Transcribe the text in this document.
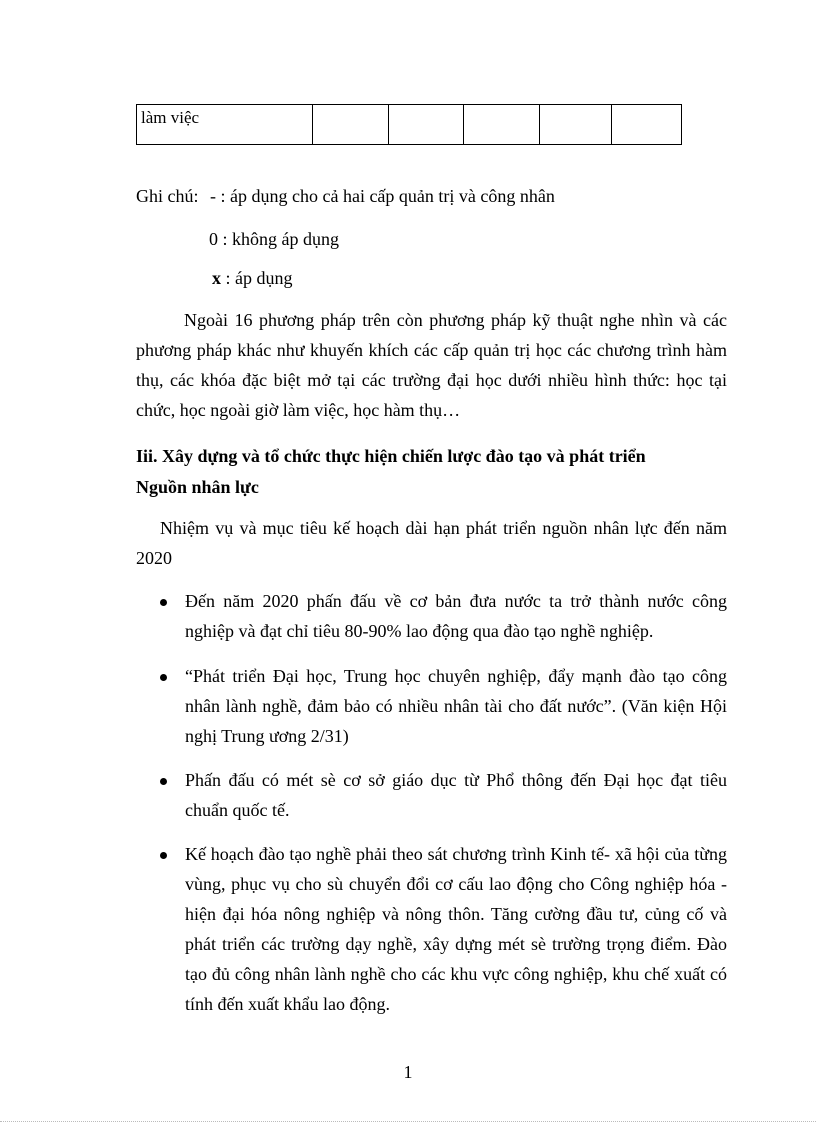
làm việc					
Ghi chú: - : áp dụng cho cả hai cấp quản trị và công nhân
0 : không áp dụng
x : áp dụng
Ngoài 16 phương pháp trên còn phương pháp kỹ thuật nghe nhìn và các phương pháp khác như khuyến khích các cấp quản trị học các chương trình hàm thụ, các khóa đặc biệt mở tại các trường đại học dưới nhiều hình thức: học tại chức, học ngoài giờ làm việc, học hàm thụ…
Iii. Xây dựng và tổ chức thực hiện chiến lược đào tạo và phát triển
Nguồn nhân lực
Nhiệm vụ và mục tiêu kế hoạch dài hạn phát triển nguồn nhân lực đến năm 2020
Đến năm 2020 phấn đấu về cơ bản đưa nước ta trở thành nước công nghiệp và đạt chỉ tiêu 80-90% lao động qua đào tạo nghề nghiệp.
“Phát triển Đại học, Trung học chuyên nghiệp, đẩy mạnh đào tạo công nhân lành nghề, đảm bảo có nhiều nhân tài cho đất nước”. (Văn kiện Hội nghị Trung ương 2/31)
Phấn đấu có mét sè cơ sở giáo dục từ Phổ thông đến Đại học đạt tiêu chuẩn quốc tế.
Kế hoạch đào tạo nghề phải theo sát chương trình Kinh tế- xã hội của từng vùng, phục vụ cho sù chuyển đổi cơ cấu lao động cho Công nghiệp hóa - hiện đại hóa nông nghiệp và nông thôn. Tăng cường đầu tư, củng cố và phát triển các trường dạy nghề, xây dựng mét sè trường trọng điểm. Đào tạo đủ công nhân lành nghề cho các khu vực công nghiệp, khu chế xuất có tính đến xuất khẩu lao động.
1
